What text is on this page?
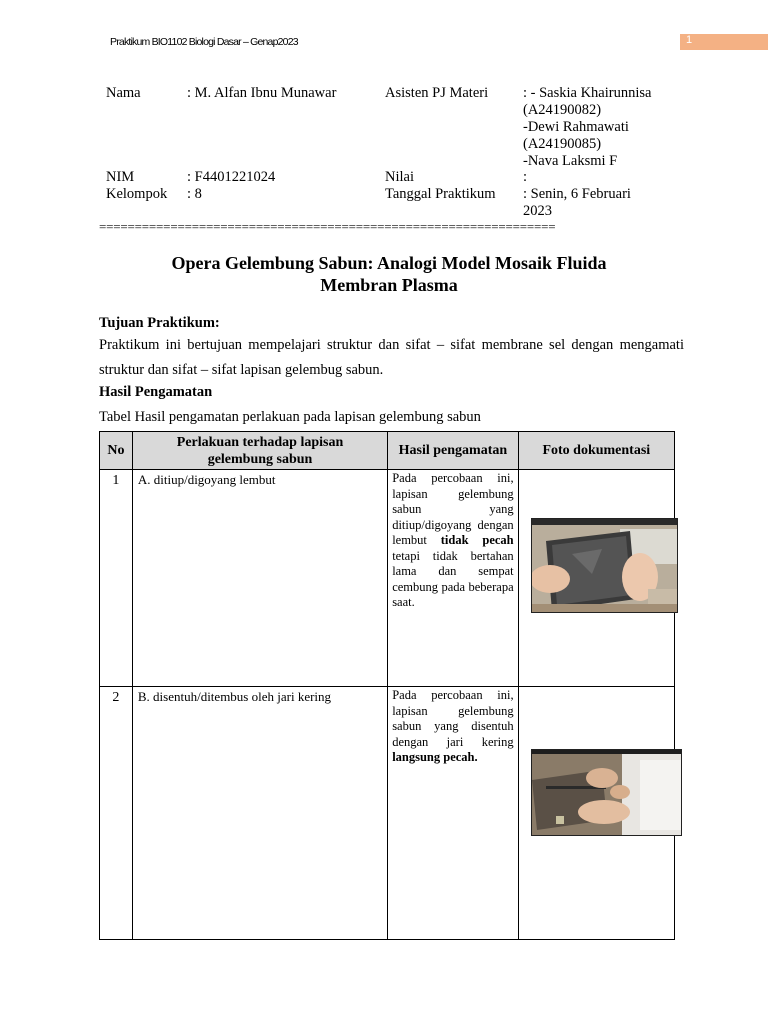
Praktikum BIO1102 Biologi Dasar – Genap2023	1
Nama	: M. Alfan Ibnu Munawar	Asisten PJ Materi : - Saskia Khairunnisa
(A24190082)
-Dewi Rahmawati
(A24190085)
-Nava Laksmi F
NIM	: F4401221024	Nilai	:
Kelompok : 8	Tanggal Praktikum : Senin, 6 Februari
2023
================================================================
Opera Gelembung Sabun: Analogi Model Mosaik Fluida
Membran Plasma
Tujuan Praktikum:
Praktikum ini bertujuan mempelajari struktur dan sifat – sifat membrane sel dengan mengamati struktur dan sifat – sifat lapisan gelembug sabun.
Hasil Pengamatan
Tabel Hasil pengamatan perlakuan pada lapisan gelembung sabun
No	Perlakuan terhadap lapisan gelembung sabun	Hasil pengamatan	Foto dokumentasi
1	A. ditiup/digoyang lembut	Pada percobaan ini, lapisan gelembung sabun yang ditiup/digoyang dengan lembut tidak pecah tetapi tidak bertahan lama dan sempat cembung pada beberapa saat.	

2	B. disentuh/ditembus oleh jari kering	Pada percobaan ini, lapisan gelembung sabun yang disentuh dengan jari kering langsung pecah.	
